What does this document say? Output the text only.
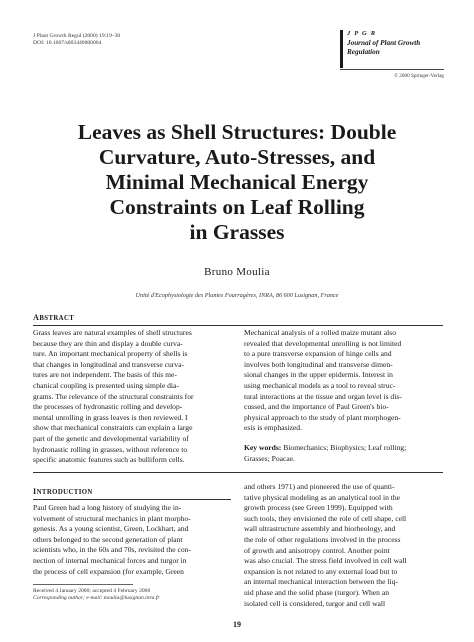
J Plant Growth Regul (2000) 19:19–30
DOI: 10.1007/s003440000004
J P G R
Journal of Plant Growth
Regulation
© 2000 Springer-Verlag
Leaves as Shell Structures: Double
Curvature, Auto-Stresses, and
Minimal Mechanical Energy
Constraints on Leaf Rolling
in Grasses
Bruno Moulia
Unité d'Ecophysiologie des Plantes Fourragères, INRA, 86 600 Lusignan, France
ABSTRACT
Grass leaves are natural examples of shell structures
because they are thin and display a double curva-
ture. An important mechanical property of shells is
that changes in longitudinal and transverse curva-
tures are not independent. The basis of this me-
chanical coupling is presented using simple dia-
grams. The relevance of the structural constraints for
the processes of hydronastic rolling and develop-
mental unrolling in grass leaves is then reviewed. I
show that mechanical constraints can explain a large
part of the genetic and developmental variability of
hydronastic rolling in grasses, without reference to
specific anatomic features such as bulliform cells.
Mechanical analysis of a rolled maize mutant also
revealed that developmental unrolling is not limited
to a pure transverse expansion of hinge cells and
involves both longitudinal and transverse dimen-
sional changes in the upper epidermis. Interest in
using mechanical models as a tool to reveal struc-
tural interactions at the tissue and organ level is dis-
cussed, and the importance of Paul Green's bio-
physical approach to the study of plant morphogen-
esis is emphasized.
Key words: Biomechanics; Biophysics; Leaf rolling;
Grasses; Poacae.
INTRODUCTION
Paul Green had a long history of studying the in-
volvement of structural mechanics in plant morpho-
genesis. As a young scientist, Green, Lockhart, and
others belonged to the second generation of plant
scientists who, in the 60s and 70s, revisited the con-
nection of internal mechanical forces and turgor in
the process of cell expansion (for example, Green
and others 1971) and pioneered the use of quanti-
tative physical modeling as an analytical tool in the
growth process (see Green 1999). Equipped with
such tools, they envisioned the role of cell shape, cell
wall ultrastructure assembly and biorheology, and
the role of other regulations involved in the process
of growth and anisotropy control. Another point
was also crucial. The stress field involved in cell wall
expansion is not related to any external load but to
an internal mechanical interaction between the liq-
uid phase and the solid phase (turgor). When an
isolated cell is considered, turgor and cell wall
Received 4 January 2000; accepted 4 February 2000
Corresponding author; e-mail: moulia@lusignan.inra.fr
19
